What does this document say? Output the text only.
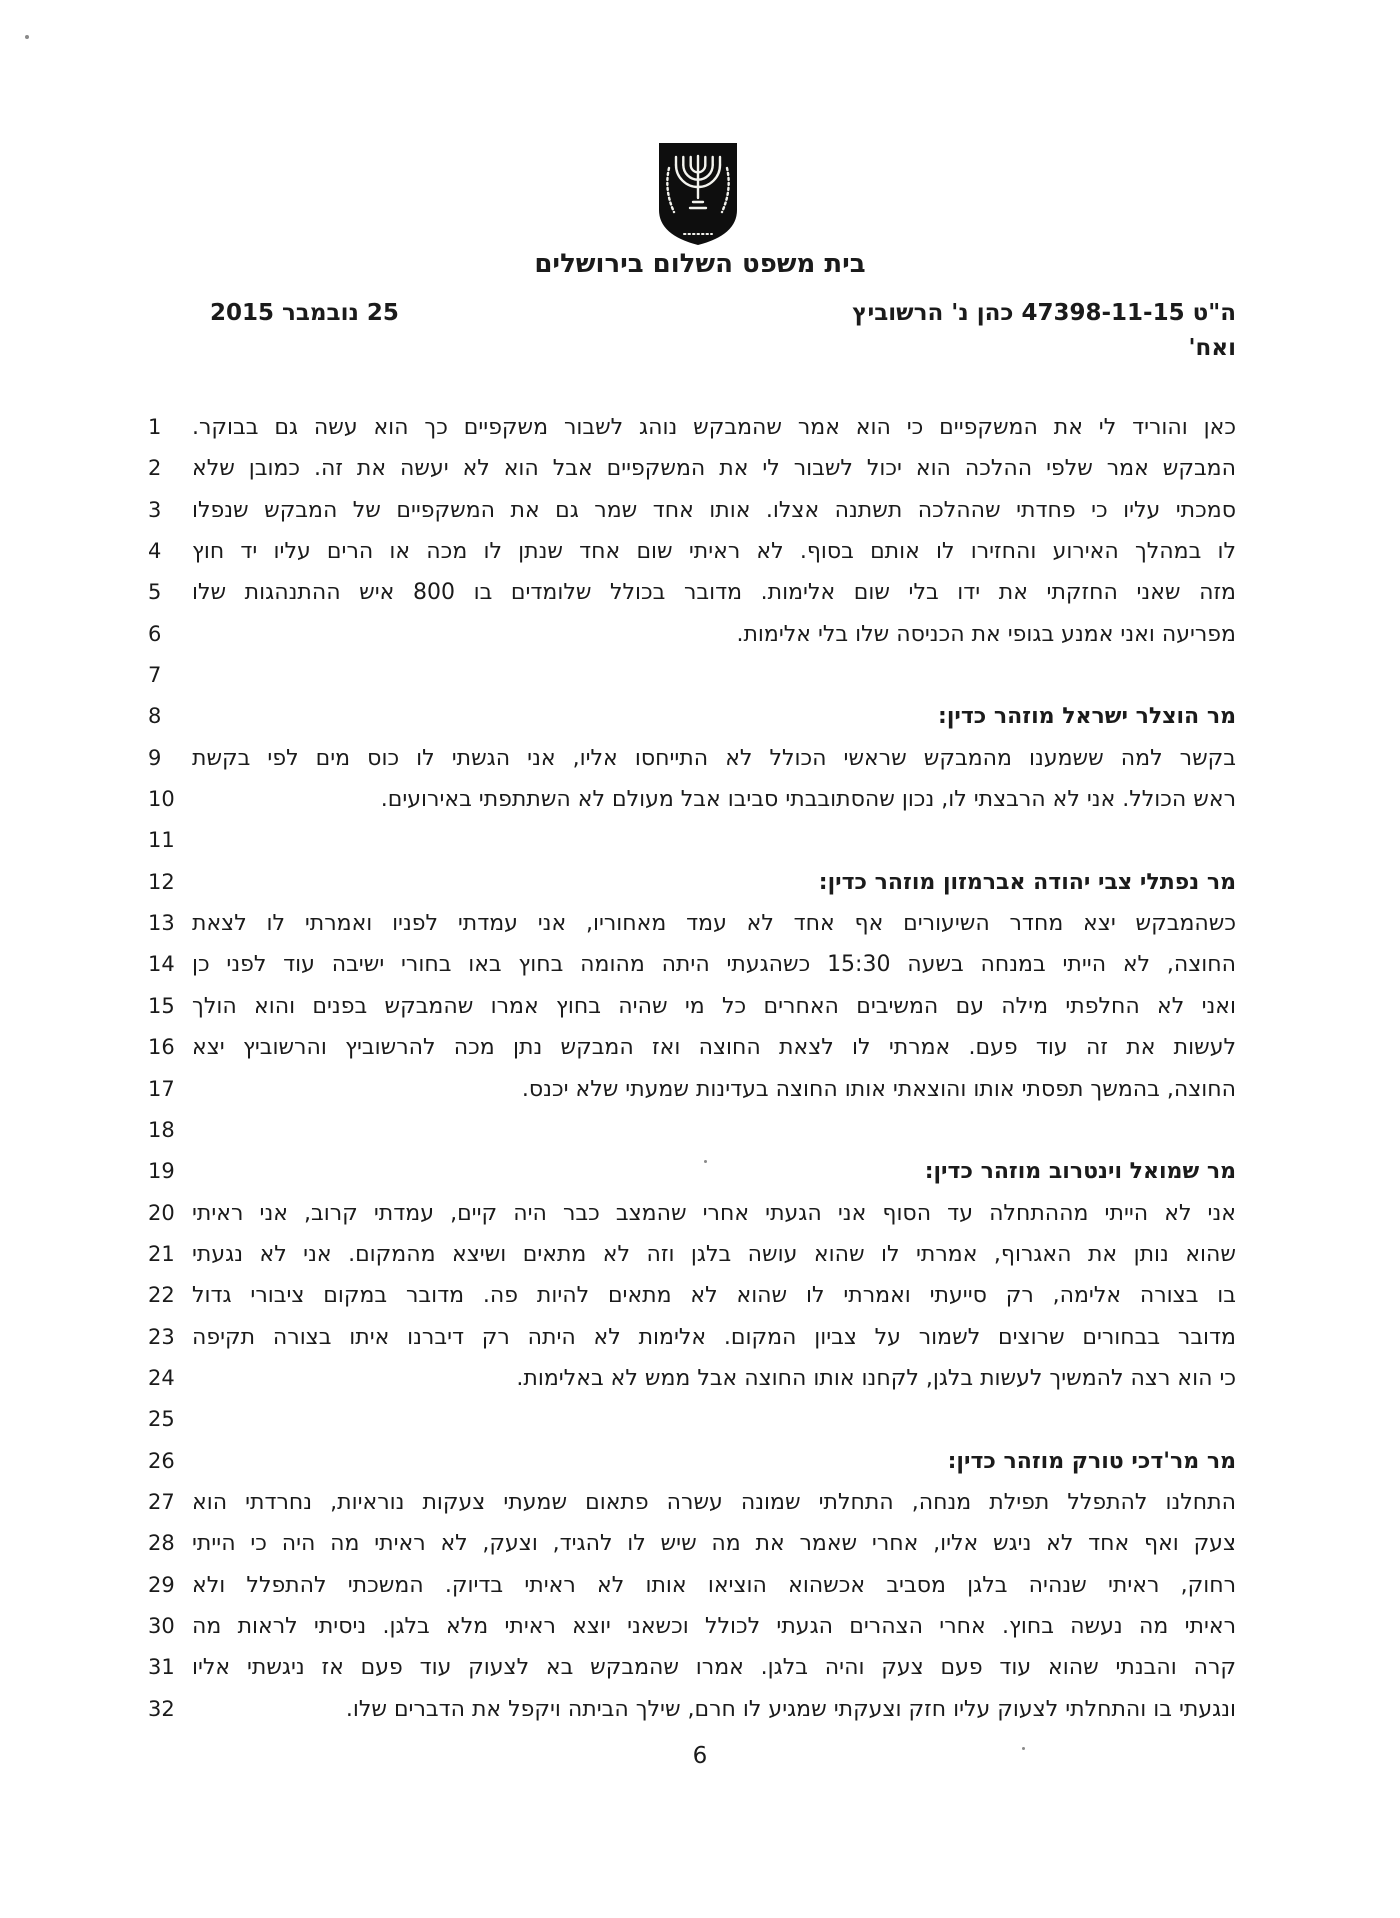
בית משפט השלום בירושלים
ה"ט 47398-11-15 כהן נ' הרשוביץ
ואח'
25 נובמבר 2015
1	כאן והוריד לי את המשקפיים כי הוא אמר שהמבקש נוהג לשבור משקפיים כך הוא עשה גם בבוקר.
2	המבקש אמר שלפי ההלכה הוא יכול לשבור לי את המשקפיים אבל הוא לא יעשה את זה. כמובן שלא
3	סמכתי עליו כי פחדתי שההלכה תשתנה אצלו. אותו אחד שמר גם את המשקפיים של המבקש שנפלו
4	לו במהלך האירוע והחזירו לו אותם בסוף. לא ראיתי שום אחד שנתן לו מכה או הרים עליו יד חוץ
5	מזה שאני החזקתי את ידו בלי שום אלימות. מדובר בכולל שלומדים בו 800 איש ההתנהגות שלו
6	מפריעה ואני אמנע בגופי את הכניסה שלו בלי אלימות.
7
8	מר הוצלר ישראל מוזהר כדין:
9	בקשר למה ששמענו מהמבקש שראשי הכולל לא התייחסו אליו, אני הגשתי לו כוס מים לפי בקשת
10	ראש הכולל. אני לא הרבצתי לו, נכון שהסתובבתי סביבו אבל מעולם לא השתתפתי באירועים.
11
12	מר נפתלי צבי יהודה אברמזון מוזהר כדין:
13 כשהמבקש יצא מחדר השיעורים אף אחד לא עמד מאחוריו, אני עמדתי לפניו ואמרתי לו לצאת
14 החוצה, לא הייתי במנחה בשעה 15:30 כשהגעתי היתה מהומה בחוץ באו בחורי ישיבה עוד לפני כן
15 ואני לא החלפתי מילה עם המשיבים האחרים כל מי שהיה בחוץ אמרו שהמבקש בפנים והוא הולך
16 לעשות את זה עוד פעם. אמרתי לו לצאת החוצה ואז המבקש נתן מכה להרשוביץ והרשוביץ יצא
17	החוצה, בהמשך תפסתי אותו והוצאתי אותו החוצה בעדינות שמעתי שלא יכנס.
18
19	מר שמואל וינטרוב מוזהר כדין:
20 אני לא הייתי מההתחלה עד הסוף אני הגעתי אחרי שהמצב כבר היה קיים, עמדתי קרוב, אני ראיתי
21 שהוא נותן את האגרוף, אמרתי לו שהוא עושה בלגן וזה לא מתאים ושיצא מהמקום. אני לא נגעתי
22 בו בצורה אלימה, רק סייעתי ואמרתי לו שהוא לא מתאים להיות פה. מדובר במקום ציבורי גדול
23 מדובר בבחורים שרוצים לשמור על צביון המקום. אלימות לא היתה רק דיברנו איתו בצורה תקיפה
24	כי הוא רצה להמשיך לעשות בלגן, לקחנו אותו החוצה אבל ממש לא באלימות.
25
26	מר מר'דכי טורק מוזהר כדין:
27 התחלנו להתפלל תפילת מנחה, התחלתי שמונה עשרה פתאום שמעתי צעקות נוראיות, נחרדתי הוא
28 צעק ואף אחד לא ניגש אליו, אחרי שאמר את מה שיש לו להגיד, וצעק, לא ראיתי מה היה כי הייתי
29 רחוק, ראיתי שנהיה בלגן מסביב אכשהוא הוציאו אותו לא ראיתי בדיוק. המשכתי להתפלל ולא
30 ראיתי מה נעשה בחוץ. אחרי הצהרים הגעתי לכולל וכשאני יוצא ראיתי מלא בלגן. ניסיתי לראות מה
31 קרה והבנתי שהוא עוד פעם צעק והיה בלגן. אמרו שהמבקש בא לצעוק עוד פעם אז ניגשתי אליו
32	ונגעתי בו והתחלתי לצעוק עליו חזק וצעקתי שמגיע לו חרם, שילך הביתה ויקפל את הדברים שלו.
6
